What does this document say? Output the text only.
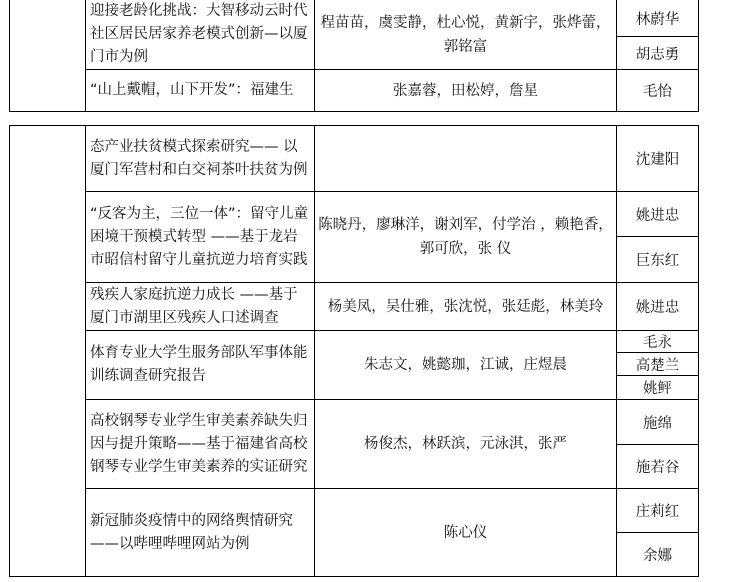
	迎接老龄化挑战：大智移动云时代社区居民居家养老模式创新—以厦门市为例	程苗苗，虞雯静，杜心悦，黄新宇，张烨蕾，郭铭富	林蔚华
			胡志勇
	“山上戴帽，山下开发”：福建生	张嘉蓉，田松婷，詹星	毛怡
	态产业扶贫模式探索研究—— 以厦门军营村和白交祠茶叶扶贫为例		沈建阳
	“反客为主，三位一体”：留守儿童困境干预模式转型 ——基于龙岩市昭信村留守儿童抗逆力培育实践	陈晓丹，廖琳洋，谢刘军，付学治 ，赖艳香，郭可欣，张 仪	姚进忠
			巨东红
	残疾人家庭抗逆力成长 ——基于厦门市湖里区残疾人口述调查	杨美凤，吴仕雅，张沈悦，张廷彪，林美玲	姚进忠
	体育专业大学生服务部队军事体能训练调查研究报告	朱志文，姚懿珈，江诚，庄煜晨	毛永
			高楚兰
			姚鲆
	高校钢琴专业学生审美素养缺失归因与提升策略——基于福建省高校钢琴专业学生审美素养的实证研究	杨俊杰，林跃滨，元泳淇，张严	施绵
			施若谷
	新冠肺炎疫情中的网络舆情研究——以哔哩哔哩网站为例	陈心仪	庄莉红
			余娜
